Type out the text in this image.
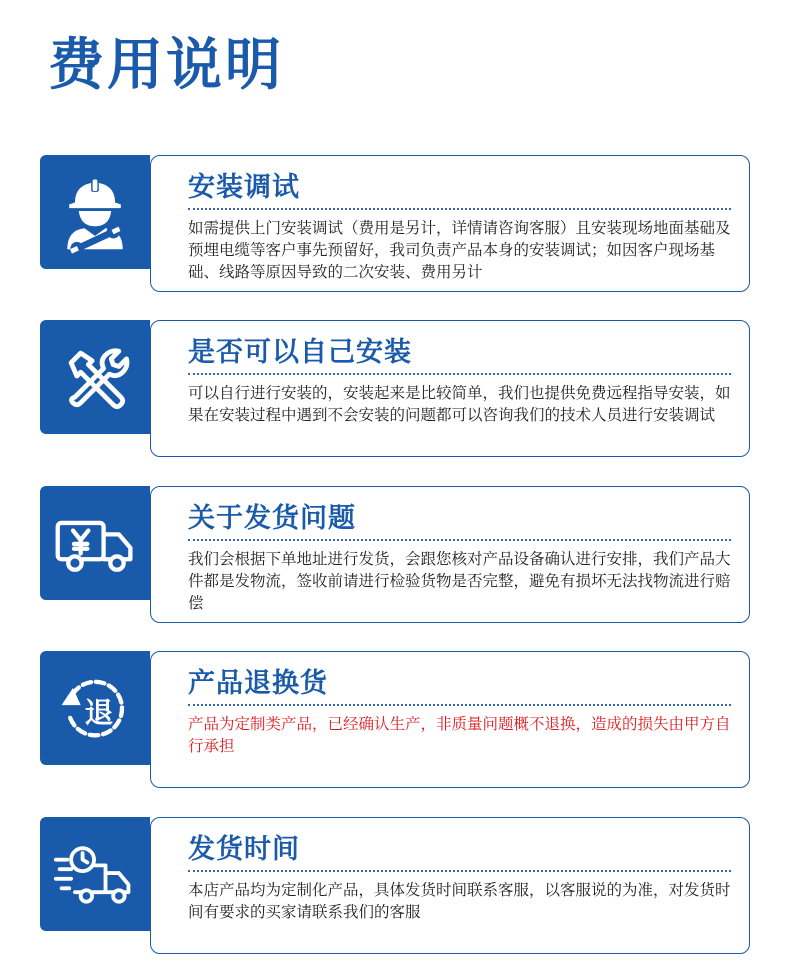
费用说明
安装调试

如需提供上门安装调试（费用是另计，详情请咨询客服）且安装现场地面基础及预埋电缆等客户事先预留好，我司负责产品本身的安装调试；如因客户现场基础、线路等原因导致的二次安装、费用另计

是否可以自己安装

可以自行进行安装的，安装起来是比较简单，我们也提供免费远程指导安装，如果在安装过程中遇到不会安装的问题都可以咨询我们的技术人员进行安装调试

关于发货问题

我们会根据下单地址进行发货，会跟您核对产品设备确认进行安排，我们产品大件都是发物流，签收前请进行检验货物是否完整，避免有损坏无法找物流进行赔偿

产品退换货

产品为定制类产品，已经确认生产，非质量问题概不退换，造成的损失由甲方自行承担

退
发货时间

本店产品均为定制化产品，具体发货时间联系客服，以客服说的为准，对发货时间有要求的买家请联系我们的客服
